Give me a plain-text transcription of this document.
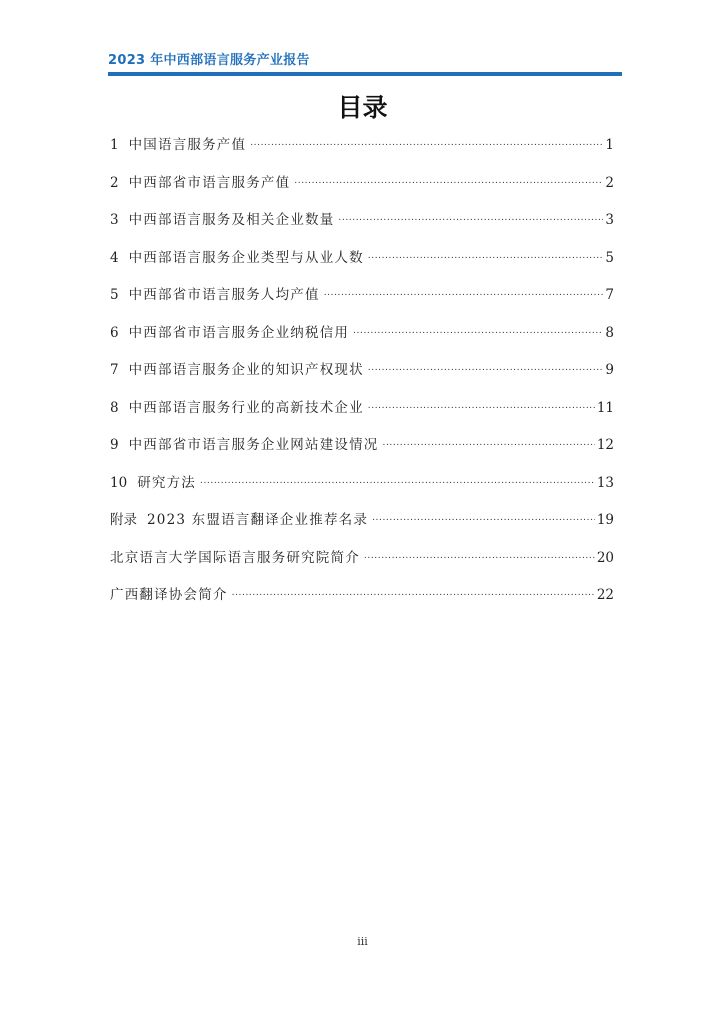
2023 年中西部语言服务产业报告
目录
1 中国语言服务产值 .....	1
2 中西部省市语言服务产值 .....	2
3 中西部语言服务及相关企业数量 .....	3
4 中西部语言服务企业类型与从业人数 .....	5
5 中西部省市语言服务人均产值 .....	7
6 中西部省市语言服务企业纳税信用 .....	8
7 中西部语言服务企业的知识产权现状 .....	9
8 中西部语言服务行业的高新技术企业 .....	11
9 中西部省市语言服务企业网站建设情况 .....	12
10 研究方法 .....	13
附录 2023 东盟语言翻译企业推荐名录 .....	19
北京语言大学国际语言服务研究院简介 .....	20
广西翻译协会简介 .....	22
iii
